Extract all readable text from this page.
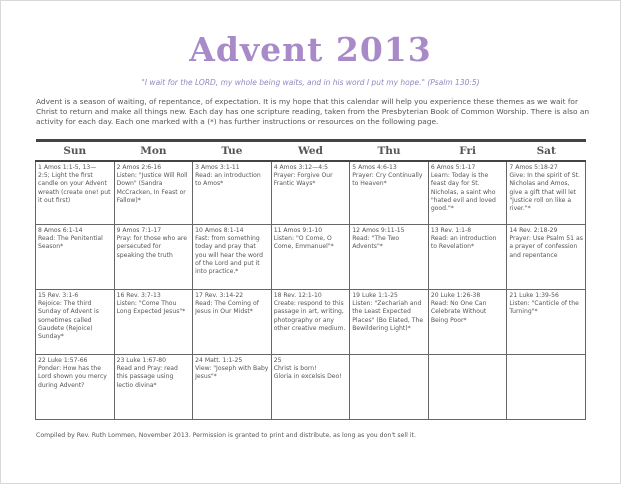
Advent 2013
"I wait for the LORD, my whole being waits, and in his word I put my hope." (Psalm 130:5)
Advent is a season of waiting, of repentance, of expectation. It is my hope that this calendar will help you experience these themes as we wait for Christ to return and make all things new. Each day has one scripture reading, taken from the Presbyterian Book of Common Worship. There is also an activity for each day. Each one marked with a (*) has further instructions or resources on the following page.
Sun	Mon	Tue	Wed	Thu	Fri	Sat
1 Amos 1:1-5, 13—
2:5; Light the first candle on your Advent wreath (create one! put it out first)	2 Amos 2:6-16
Listen: "Justice Will Roll Down" (Sandra McCracken, In Feast or Fallow)*	3 Amos 3:1-11
Read: an introduction to Amos*	4 Amos 3:12—4:5
Prayer: Forgive Our Frantic Ways*	5 Amos 4:6-13
Prayer: Cry Continually to Heaven*	6 Amos 5:1-17
Learn: Today is the feast day for St. Nicholas, a saint who "hated evil and loved good."*	7 Amos 5:18-27
Give: In the spirit of St. Nicholas and Amos, give a gift that will let "justice roll on like a river."*
8 Amos 6:1-14
Read: The Penitential Season*	9 Amos 7:1-17
Pray: for those who are persecuted for speaking the truth	10 Amos 8:1-14
Fast: from something today and pray that you will hear the word of the Lord and put it into practice.*	11 Amos 9:1-10
Listen: "O Come, O Come, Emmanuel"*	12 Amos 9:11-15
Read: "The Two Advents"*	13 Rev. 1:1-8
Read: an introduction to Revelation*	14 Rev. 2:18-29
Prayer: Use Psalm 51 as a prayer of confession and repentance
15 Rev. 3:1-6
Rejoice: The third Sunday of Advent is sometimes called Gaudete (Rejoice) Sunday*	16 Rev. 3:7-13
Listen: "Come Thou Long Expected Jesus"*	17 Rev. 3:14-22
Read: The Coming of Jesus in Our Midst*	18 Rev. 12:1-10
Create: respond to this passage in art, writing, photography or any other creative medium.	19 Luke 1:1-25
Listen: "Zechariah and the Least Expected Places" (Bo Elated, The Bewildering Light)*	20 Luke 1:26-38
Read: No One Can Celebrate Without Being Poor*	21 Luke 1:39-56
Listen: "Canticle of the Turning"*
22 Luke 1:57-66
Ponder: How has the Lord shown you mercy during Advent?	23 Luke 1:67-80
Read and Pray: read this passage using lectio divina*	24 Matt. 1:1-25
View: "Joseph with Baby Jesus"*	25
Christ is born!
Gloria in excelsis Deo!			
Compiled by Rev. Ruth Lommen, November 2013. Permission is granted to print and distribute, as long as you don't sell it.
